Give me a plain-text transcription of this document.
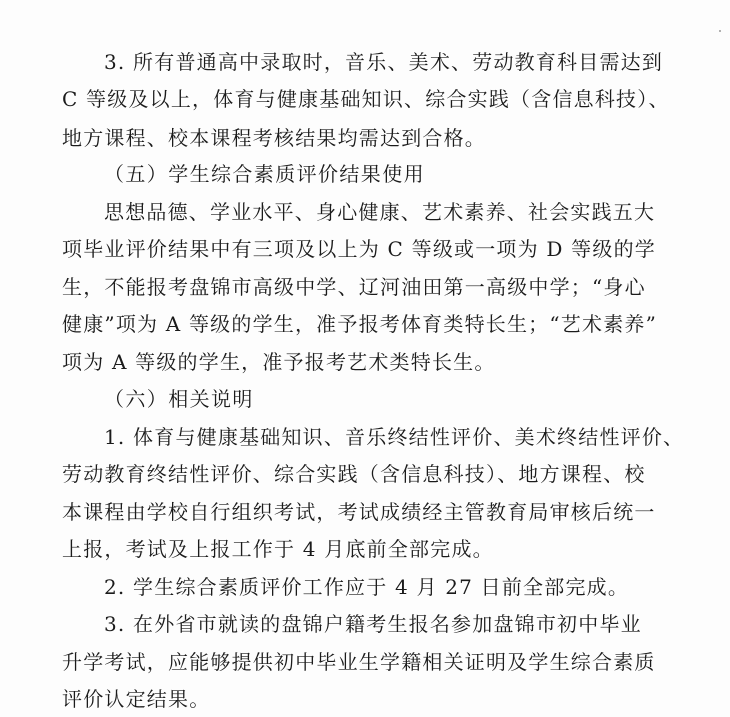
3. 所有普通高中录取时，音乐、美术、劳动教育科目需达到
C 等级及以上，体育与健康基础知识、综合实践（含信息科技）、
地方课程、校本课程考核结果均需达到合格。
（五）学生综合素质评价结果使用
思想品德、学业水平、身心健康、艺术素养、社会实践五大
项毕业评价结果中有三项及以上为 C 等级或一项为 D 等级的学
生，不能报考盘锦市高级中学、辽河油田第一高级中学；“身心
健康”项为 A 等级的学生，准予报考体育类特长生；“艺术素养”
项为 A 等级的学生，准予报考艺术类特长生。
（六）相关说明
1. 体育与健康基础知识、音乐终结性评价、美术终结性评价、
劳动教育终结性评价、综合实践（含信息科技）、地方课程、校
本课程由学校自行组织考试，考试成绩经主管教育局审核后统一
上报，考试及上报工作于 4 月底前全部完成。
2. 学生综合素质评价工作应于 4 月 27 日前全部完成。
3. 在外省市就读的盘锦户籍考生报名参加盘锦市初中毕业
升学考试，应能够提供初中毕业生学籍相关证明及学生综合素质
评价认定结果。
